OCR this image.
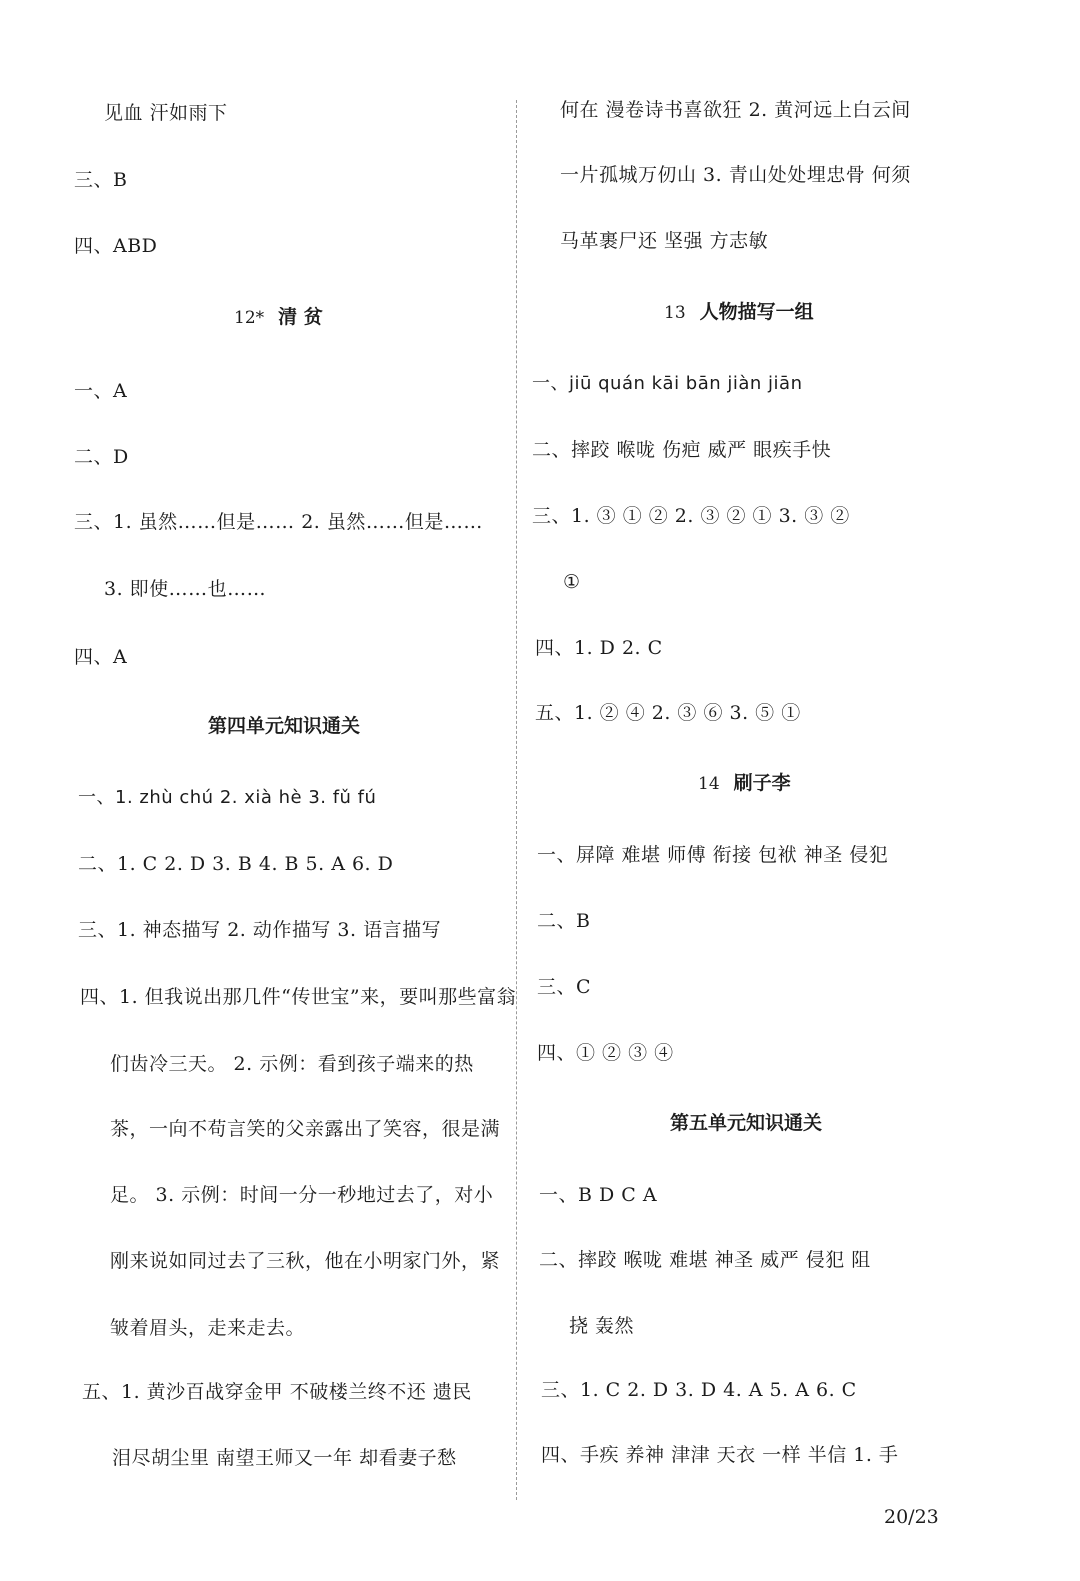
见血 汗如雨下
三、B
四、ABD
12* 清 贫
一、A
二、D
三、1. 虽然……但是…… 2. 虽然……但是……
3. 即使……也……
四、A
第四单元知识通关
一、1. zhù chú 2. xià hè 3. fǔ fú
二、1. C 2. D 3. B 4. B 5. A 6. D
三、1. 神态描写 2. 动作描写 3. 语言描写
四、1. 但我说出那几件“传世宝”来，要叫那些富翁
们齿冷三天。 2. 示例：看到孩子端来的热
茶，一向不苟言笑的父亲露出了笑容，很是满
足。 3. 示例：时间一分一秒地过去了，对小
刚来说如同过去了三秋，他在小明家门外，紧
皱着眉头，走来走去。
五、1. 黄沙百战穿金甲 不破楼兰终不还 遗民
泪尽胡尘里 南望王师又一年 却看妻子愁
何在 漫卷诗书喜欲狂 2. 黄河远上白云间
一片孤城万仞山 3. 青山处处埋忠骨 何须
马革裹尸还 坚强 方志敏
13 人物描写一组
一、jiū quán kāi bān jiàn jiān
二、摔跤 喉咙 伤疤 威严 眼疾手快
三、1. ③ ① ② 2. ③ ② ① 3. ③ ②
①
四、1. D 2. C
五、1. ② ④ 2. ③ ⑥ 3. ⑤ ①
14 刷子李
一、屏障 难堪 师傅 衔接 包袱 神圣 侵犯
二、B
三、C
四、① ② ③ ④
第五单元知识通关
一、B D C A
二、摔跤 喉咙 难堪 神圣 威严 侵犯 阻
挠 轰然
三、1. C 2. D 3. D 4. A 5. A 6. C
四、手疾 养神 津津 天衣 一样 半信 1. 手
20/23
